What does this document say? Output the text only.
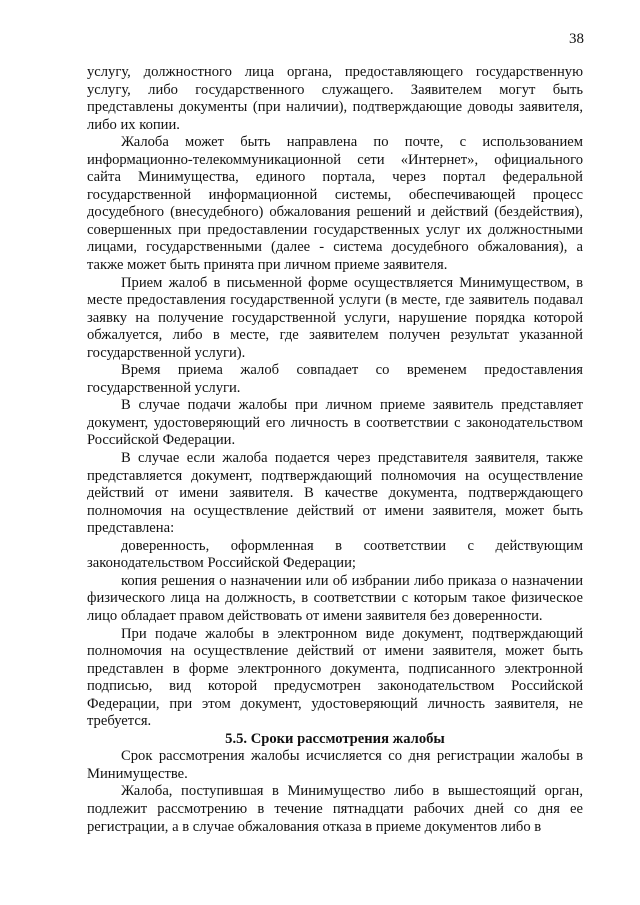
38

услугу, должностного лица органа, предоставляющего государственную услугу, либо государственного служащего. Заявителем могут быть представлены документы (при наличии), подтверждающие доводы заявителя, либо их копии.

Жалоба может быть направлена по почте, с использованием информационно-телекоммуникационной сети «Интернет», официального сайта Минимущества, единого портала, через портал федеральной государственной информационной системы, обеспечивающей процесс досудебного (внесудебного) обжалования решений и действий (бездействия), совершенных при предоставлении государственных услуг их должностными лицами, государственными (далее - система досудебного обжалования), а также может быть принята при личном приеме заявителя.

Прием жалоб в письменной форме осуществляется Минимуществом, в месте предоставления государственной услуги (в месте, где заявитель подавал заявку на получение государственной услуги, нарушение порядка которой обжалуется, либо в месте, где заявителем получен результат указанной государственной услуги).

Время приема жалоб совпадает со временем предоставления государственной услуги.

В случае подачи жалобы при личном приеме заявитель представляет документ, удостоверяющий его личность в соответствии с законодательством Российской Федерации.

В случае если жалоба подается через представителя заявителя, также представляется документ, подтверждающий полномочия на осуществление действий от имени заявителя. В качестве документа, подтверждающего полномочия на осуществление действий от имени заявителя, может быть представлена:

доверенность, оформленная в соответствии с действующим законодательством Российской Федерации;

копия решения о назначении или об избрании либо приказа о назначении физического лица на должность, в соответствии с которым такое физическое лицо обладает правом действовать от имени заявителя без доверенности.

При подаче жалобы в электронном виде документ, подтверждающий полномочия на осуществление действий от имени заявителя, может быть представлен в форме электронного документа, подписанного электронной подписью, вид которой предусмотрен законодательством Российской Федерации, при этом документ, удостоверяющий личность заявителя, не требуется.

5.5. Сроки рассмотрения жалобы

Срок рассмотрения жалобы исчисляется со дня регистрации жалобы в Минимуществе.

Жалоба, поступившая в Минимущество либо в вышестоящий орган, подлежит рассмотрению в течение пятнадцати рабочих дней со дня ее регистрации, а в случае обжалования отказа в приеме документов либо в
